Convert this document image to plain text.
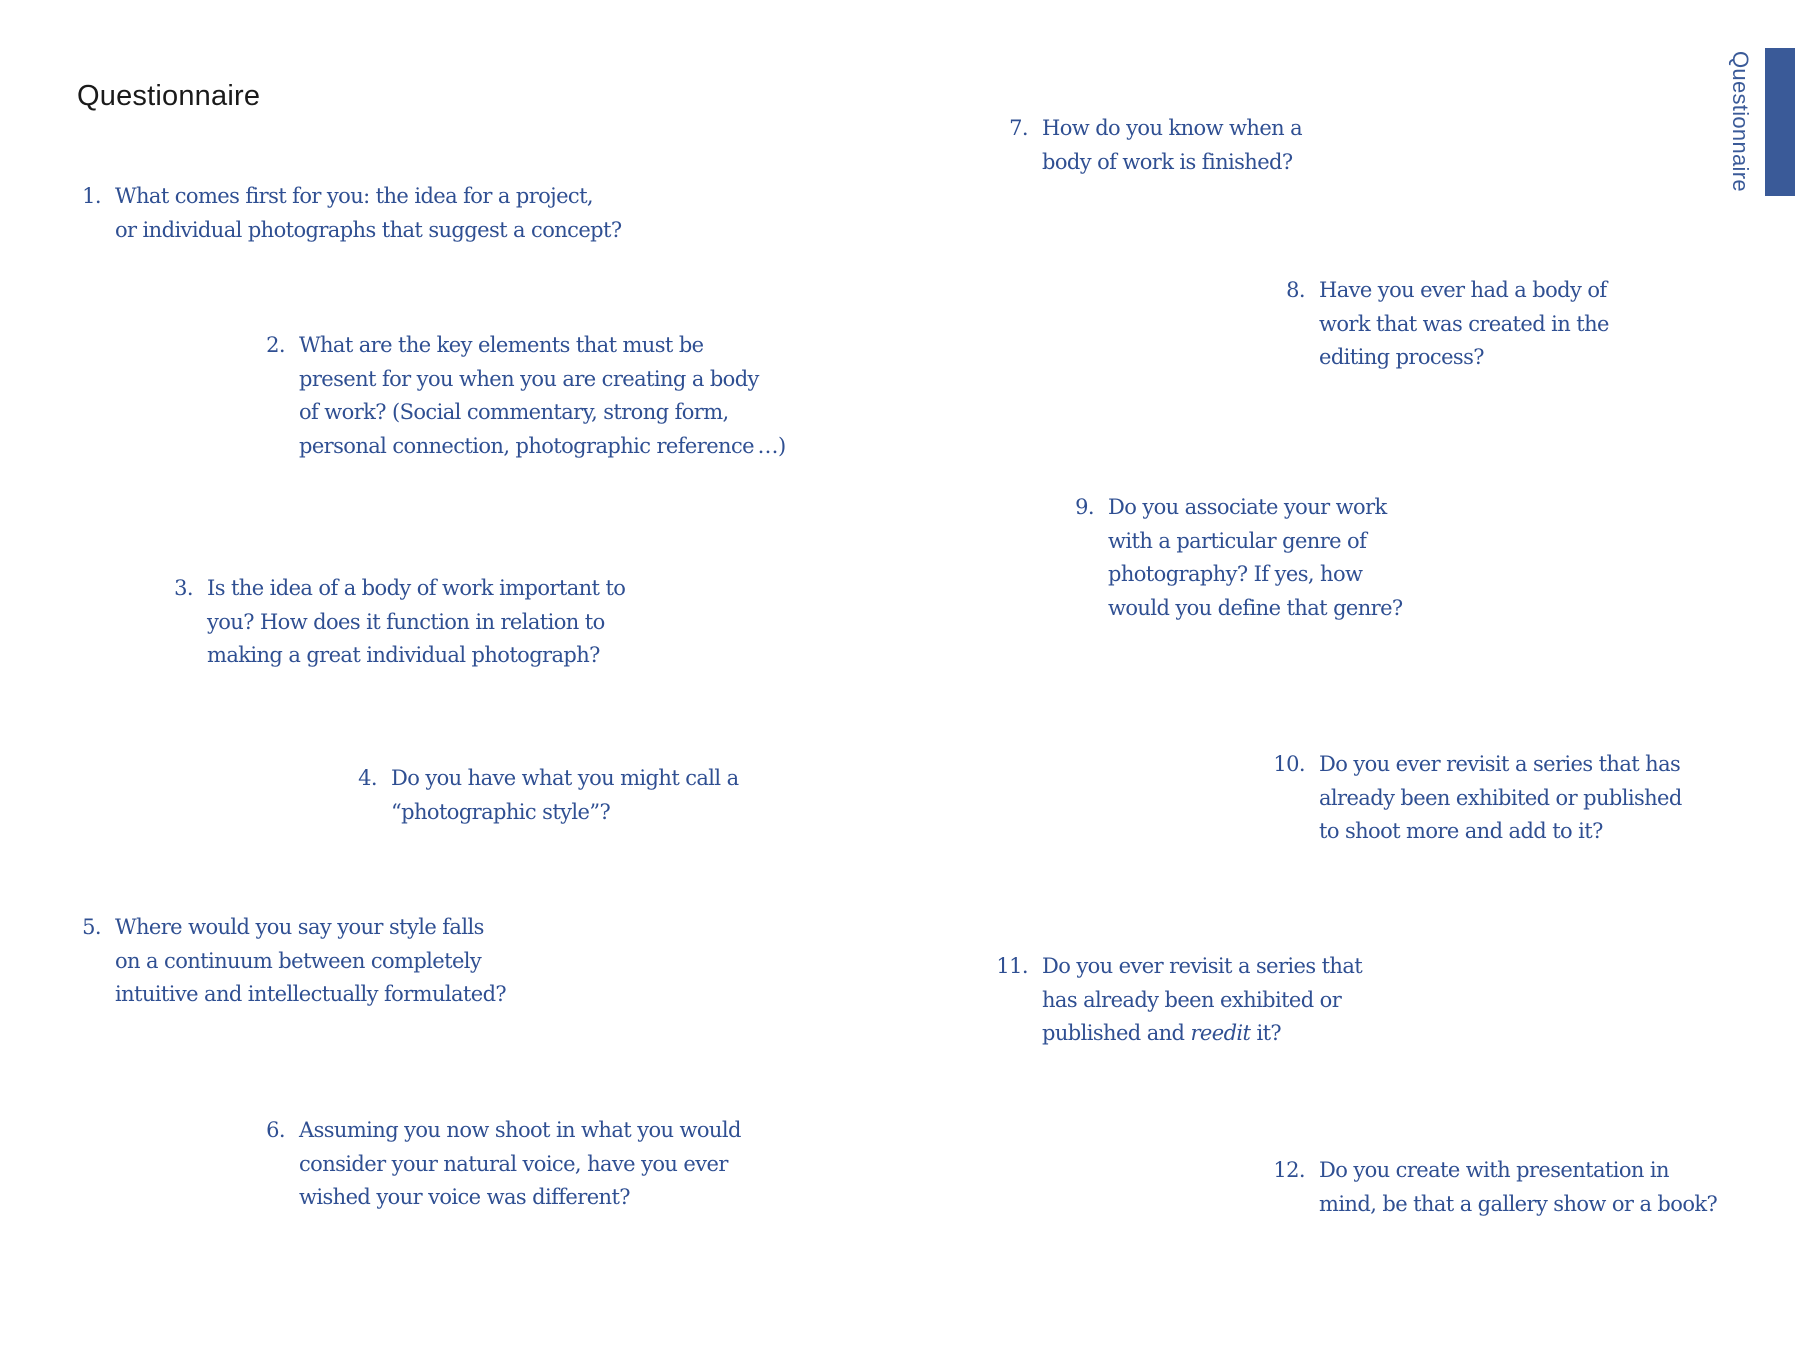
Questionnaire	Questionnaire
1. What comes first for you: the idea for a project,
or individual photographs that suggest a concept?
2. What are the key elements that must be
present for you when you are creating a body
of work? (Social commentary, strong form,
personal connection, photographic reference …)
3. Is the idea of a body of work important to
you? How does it function in relation to
making a great individual photograph?
4. Do you have what you might call a
“photographic style”?
5. Where would you say your style falls
on a continuum between completely
intuitive and intellectually formulated?
6. Assuming you now shoot in what you would
consider your natural voice, have you ever
wished your voice was different?
7. How do you know when a
body of work is finished?
8. Have you ever had a body of
work that was created in the
editing process?
9. Do you associate your work
with a particular genre of
photography? If yes, how
would you define that genre?
10. Do you ever revisit a series that has
already been exhibited or published
to shoot more and add to it?
11. Do you ever revisit a series that
has already been exhibited or
published and reedit it?
12. Do you create with presentation in
mind, be that a gallery show or a book?
